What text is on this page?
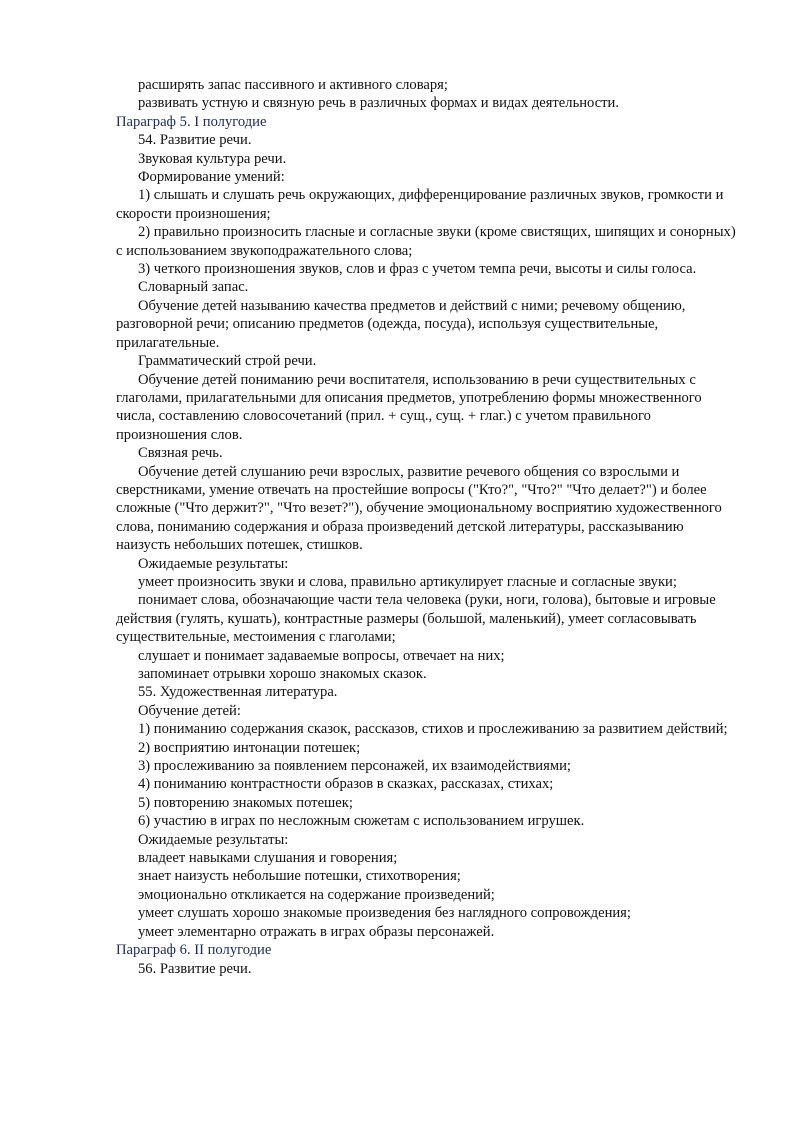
расширять запас пассивного и активного словаря;

развивать устную и связную речь в различных формах и видах деятельности.

Параграф 5. I полугодие

54. Развитие речи.

Звуковая культура речи.

Формирование умений:

1) слышать и слушать речь окружающих, дифференцирование различных звуков, громкости и скорости произношения;

2) правильно произносить гласные и согласные звуки (кроме свистящих, шипящих и сонорных) с использованием звукоподражательного слова;

3) четкого произношения звуков, слов и фраз с учетом темпа речи, высоты и силы голоса.

Словарный запас.

Обучение детей называнию качества предметов и действий с ними; речевому общению, разговорной речи; описанию предметов (одежда, посуда), используя существительные, прилагательные.

Грамматический строй речи.

Обучение детей пониманию речи воспитателя, использованию в речи существительных с глаголами, прилагательными для описания предметов, употреблению формы множественного числа, составлению словосочетаний (прил. + сущ., сущ. + глаг.) с учетом правильного произношения слов.

Связная речь.

Обучение детей слушанию речи взрослых, развитие речевого общения со взрослыми и сверстниками, умение отвечать на простейшие вопросы ("Кто?", "Что?" "Что делает?") и более сложные ("Что держит?", "Что везет?"), обучение эмоциональному восприятию художественного слова, пониманию содержания и образа произведений детской литературы, рассказыванию наизусть небольших потешек, стишков.

Ожидаемые результаты:

умеет произносить звуки и слова, правильно артикулирует гласные и согласные звуки;

понимает слова, обозначающие части тела человека (руки, ноги, голова), бытовые и игровые действия (гулять, кушать), контрастные размеры (большой, маленький), умеет согласовывать существительные, местоимения с глаголами;

слушает и понимает задаваемые вопросы, отвечает на них;

запоминает отрывки хорошо знакомых сказок.

55. Художественная литература.

Обучение детей:

1) пониманию содержания сказок, рассказов, стихов и прослеживанию за развитием действий;

2) восприятию интонации потешек;

3) прослеживанию за появлением персонажей, их взаимодействиями;

4) пониманию контрастности образов в сказках, рассказах, стихах;

5) повторению знакомых потешек;

6) участию в играх по несложным сюжетам с использованием игрушек.

Ожидаемые результаты:

владеет навыками слушания и говорения;

знает наизусть небольшие потешки, стихотворения;

эмоционально откликается на содержание произведений;

умеет слушать хорошо знакомые произведения без наглядного сопровождения;

умеет элементарно отражать в играх образы персонажей.

Параграф 6. II полугодие

56. Развитие речи.
